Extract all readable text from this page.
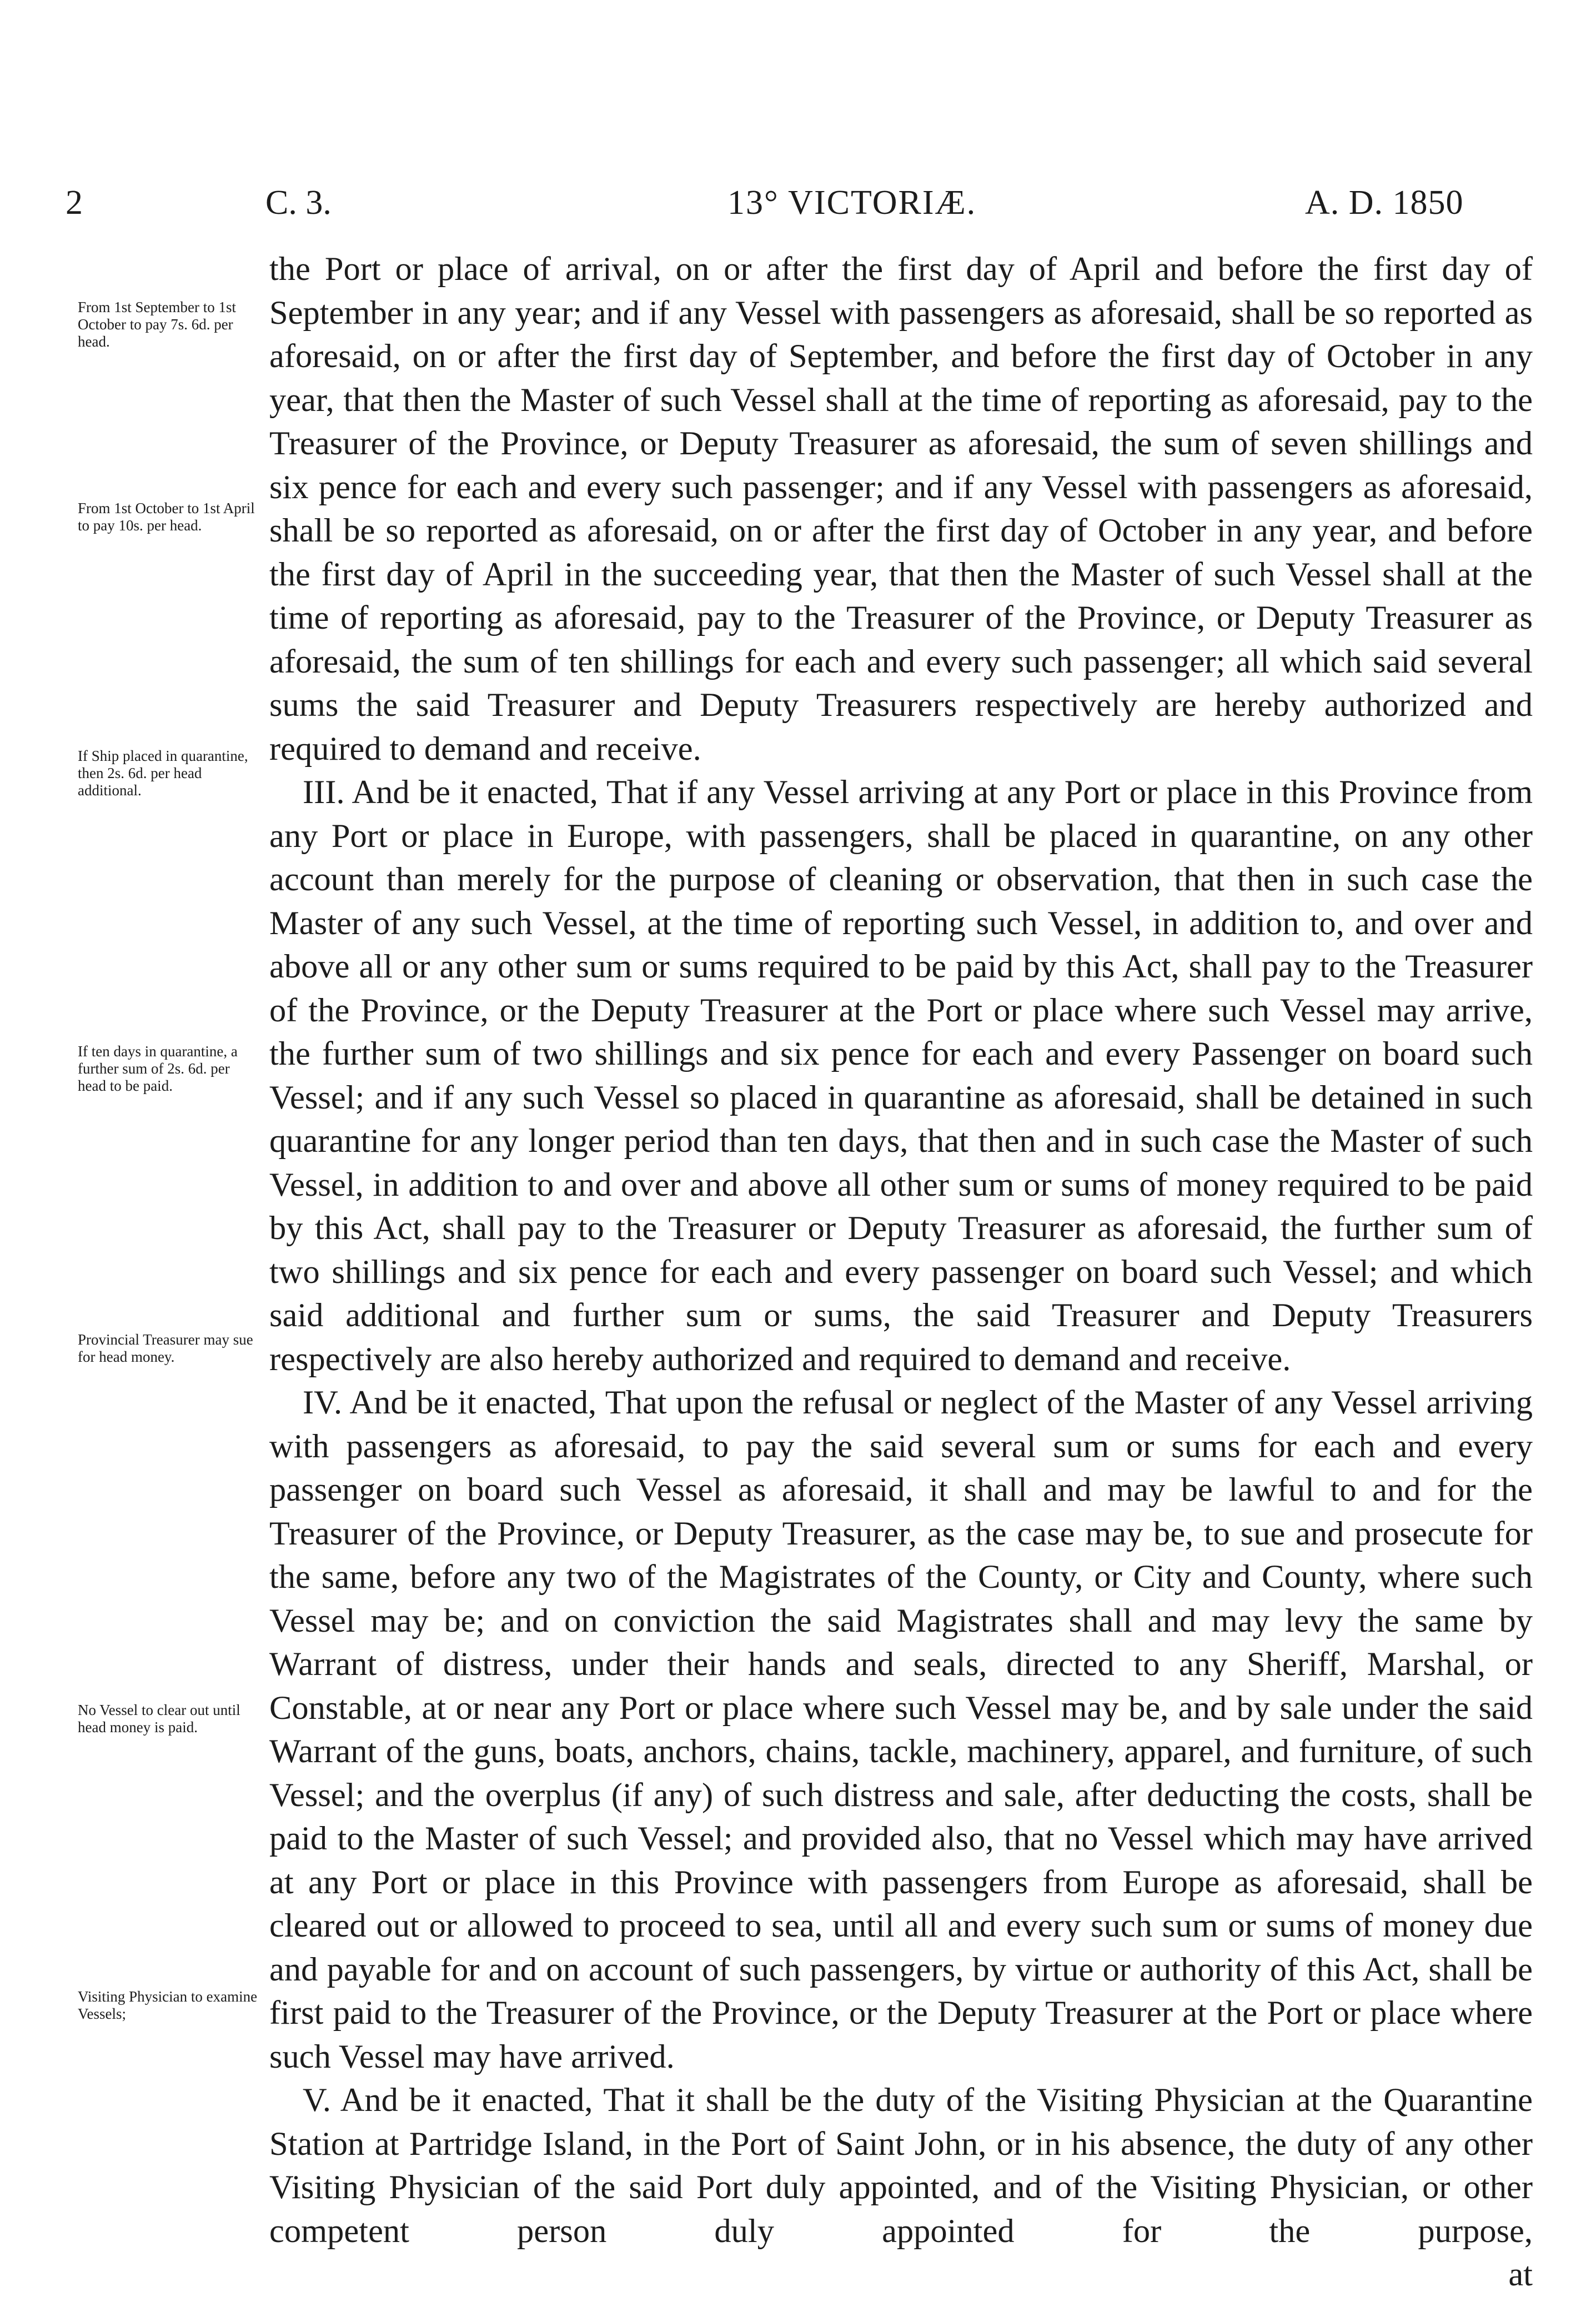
2	C. 3.	13° VICTORIÆ.	A. D. 1850
From 1st September to 1st October to pay 7s. 6d. per head.
From 1st October to 1st April to pay 10s. per head.
If Ship placed in quarantine, then 2s. 6d. per head additional.
If ten days in quarantine, a further sum of 2s. 6d. per head to be paid.
Provincial Treasurer may sue for head money.
No Vessel to clear out until head money is paid.
Visiting Physician to examine Vessels;

the Port or place of arrival, on or after the first day of April and before the first day of September in any year; and if any Vessel with passengers as aforesaid, shall be so reported as aforesaid, on or after the first day of September, and before the first day of October in any year, that then the Master of such Vessel shall at the time of reporting as aforesaid, pay to the Treasurer of the Province, or Deputy Treasurer as aforesaid, the sum of seven shillings and six pence for each and every such passenger; and if any Vessel with passengers as aforesaid, shall be so reported as aforesaid, on or after the first day of October in any year, and before the first day of April in the succeeding year, that then the Master of such Vessel shall at the time of reporting as aforesaid, pay to the Treasurer of the Province, or Deputy Treasurer as aforesaid, the sum of ten shillings for each and every such passenger; all which said several sums the said Treasurer and Deputy Treasurers respectively are hereby authorized and required to demand and receive.

III. And be it enacted, That if any Vessel arriving at any Port or place in this Province from any Port or place in Europe, with passengers, shall be placed in quarantine, on any other account than merely for the purpose of cleaning or observation, that then in such case the Master of any such Vessel, at the time of reporting such Vessel, in addition to, and over and above all or any other sum or sums required to be paid by this Act, shall pay to the Treasurer of the Province, or the Deputy Treasurer at the Port or place where such Vessel may arrive, the further sum of two shillings and six pence for each and every Passenger on board such Vessel; and if any such Vessel so placed in quarantine as aforesaid, shall be detained in such quarantine for any longer period than ten days, that then and in such case the Master of such Vessel, in addition to and over and above all other sum or sums of money required to be paid by this Act, shall pay to the Treasurer or Deputy Treasurer as aforesaid, the further sum of two shillings and six pence for each and every passenger on board such Vessel; and which said additional and further sum or sums, the said Treasurer and Deputy Treasurers respectively are also hereby authorized and required to demand and receive.

IV. And be it enacted, That upon the refusal or neglect of the Master of any Vessel arriving with passengers as aforesaid, to pay the said several sum or sums for each and every passenger on board such Vessel as aforesaid, it shall and may be lawful to and for the Treasurer of the Province, or Deputy Treasurer, as the case may be, to sue and prosecute for the same, before any two of the Magistrates of the County, or City and County, where such Vessel may be; and on conviction the said Magistrates shall and may levy the same by Warrant of distress, under their hands and seals, directed to any Sheriff, Marshal, or Constable, at or near any Port or place where such Vessel may be, and by sale under the said Warrant of the guns, boats, anchors, chains, tackle, machinery, apparel, and furniture, of such Vessel; and the overplus (if any) of such distress and sale, after deducting the costs, shall be paid to the Master of such Vessel; and provided also, that no Vessel which may have arrived at any Port or place in this Province with passengers from Europe as aforesaid, shall be cleared out or allowed to proceed to sea, until all and every such sum or sums of money due and payable for and on account of such passengers, by virtue or authority of this Act, shall be first paid to the Treasurer of the Province, or the Deputy Treasurer at the Port or place where such Vessel may have arrived.

V. And be it enacted, That it shall be the duty of the Visiting Physician at the Quarantine Station at Partridge Island, in the Port of Saint John, or in his absence, the duty of any other Visiting Physician of the said Port duly appointed, and of the Visiting Physician, or other competent person duly appointed for the purpose,

at
